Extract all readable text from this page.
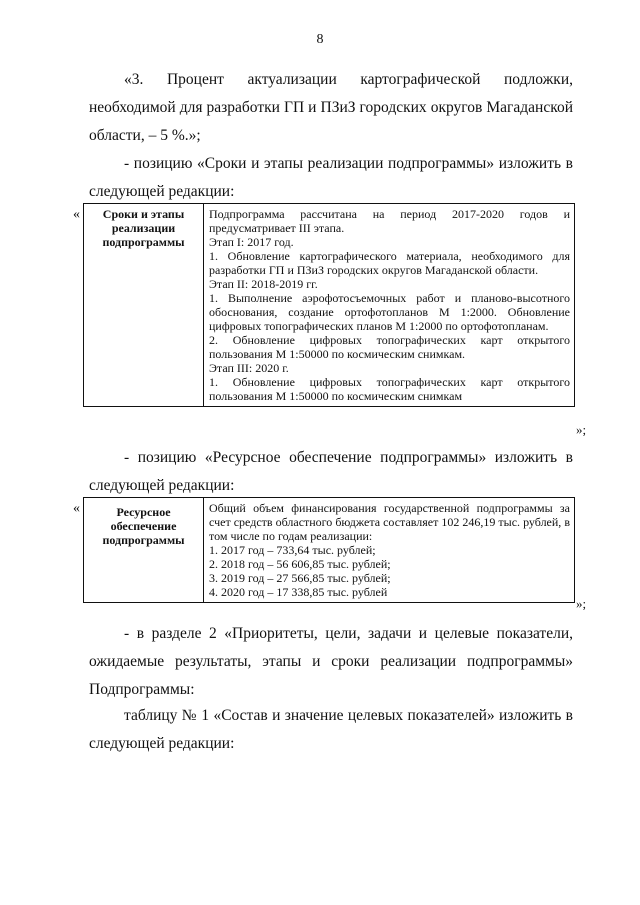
8

«3. Процент актуализации картографической подложки, необходимой для разработки ГП и ПЗиЗ городских округов Магаданской области, – 5 %.»;

- позицию «Сроки и этапы реализации подпрограммы» изложить в следующей редакции:

«	Сроки и этапы реализации подпрограммы

Подпрограмма рассчитана на период 2017-2020 годов и предусматривает III этапа.

Этап I: 2017 год.

1. Обновление картографического материала, необходимого для разработки ГП и ПЗиЗ городских округов Магаданской области.

Этап II: 2018-2019 гг.

1. Выполнение аэрофотосъемочных работ и планово-высотного обоснования, создание ортофотопланов М 1:2000. Обновление цифровых топографических планов М 1:2000 по ортофотопланам.

2. Обновление цифровых топографических карт открытого пользования М 1:50000 по космическим снимкам.

Этап III: 2020 г.

1. Обновление цифровых топографических карт открытого пользования М 1:50000 по космическим снимкам

»;

- позицию «Ресурсное обеспечение подпрограммы» изложить в следующей редакции:

«	Ресурсное обеспечение подпрограммы

Общий объем финансирования государственной подпрограммы за счет средств областного бюджета составляет 102 246,19 тыс. рублей, в том числе по годам реализации:

1. 2017 год – 733,64 тыс. рублей;

2. 2018 год – 56 606,85 тыс. рублей;

3. 2019 год – 27 566,85 тыс. рублей;

4. 2020 год – 17 338,85 тыс. рублей

»;

- в разделе 2 «Приоритеты, цели, задачи и целевые показатели, ожидаемые результаты, этапы и сроки реализации подпрограммы» Подпрограммы:

таблицу № 1 «Состав и значение целевых показателей» изложить в следующей редакции:
